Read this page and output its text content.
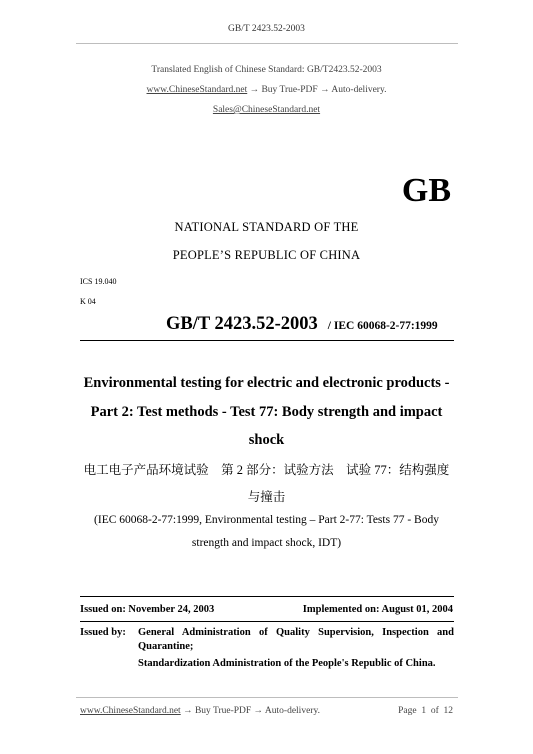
GB/T 2423.52-2003
Translated English of Chinese Standard: GB/T2423.52-2003
www.ChineseStandard.net → Buy True-PDF → Auto-delivery.
Sales@ChineseStandard.net
GB
NATIONAL STANDARD OF THE
PEOPLE’S REPUBLIC OF CHINA
ICS 19.040
K 04
GB/T 2423.52-2003 / IEC 60068-2-77:1999
Environmental testing for electric and electronic products -
Part 2: Test methods - Test 77: Body strength and impact
shock
电工电子产品环境试验　第 2 部分：试验方法　试验 77：结构强度
与撞击
(IEC 60068-2-77:1999, Environmental testing – Part 2-77: Tests 77 - Body
strength and impact shock, IDT)
Issued on: November 24, 2003	Implemented on: August 01, 2004
Issued by: General Administration of Quality Supervision, Inspection and
Quarantine;
Standardization Administration of the People's Republic of China.
www.ChineseStandard.net → Buy True-PDF → Auto-delivery.	Page 1 of 12
